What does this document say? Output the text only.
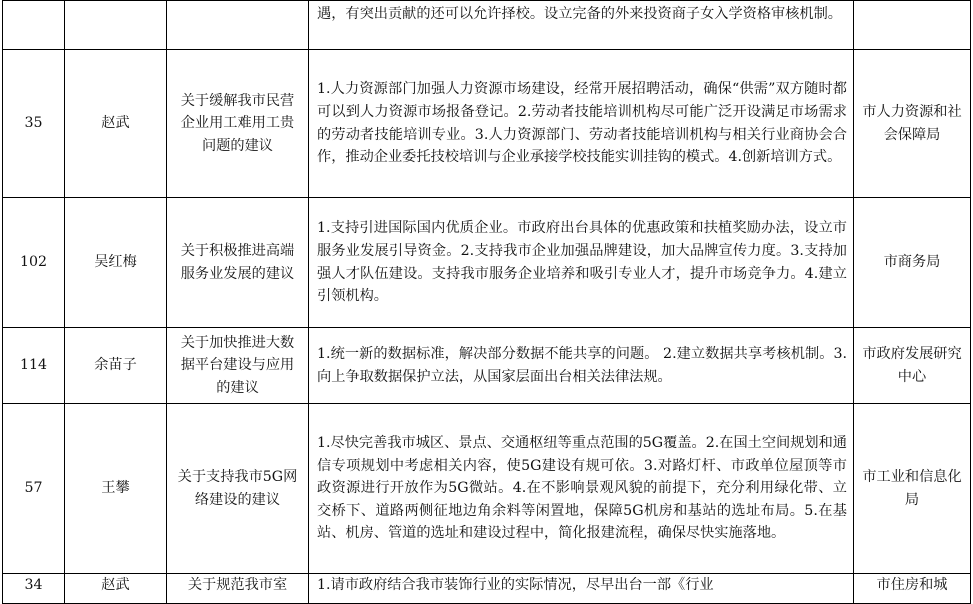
			遇，有突出贡献的还可以允许择校。设立完备的外来投资商子女入学资格审核机制。	
35	赵武	关于缓解我市民营企业用工难用工贵问题的建议	1.人力资源部门加强人力资源市场建设，经常开展招聘活动，确保“供需”双方随时都可以到人力资源市场报备登记。2.劳动者技能培训机构尽可能广泛开设满足市场需求的劳动者技能培训专业。3.人力资源部门、劳动者技能培训机构与相关行业商协会合作，推动企业委托技校培训与企业承接学校技能实训挂钩的模式。4.创新培训方式。	市人力资源和社会保障局
102	吴红梅	关于积极推进高端服务业发展的建议	1.支持引进国际国内优质企业。市政府出台具体的优惠政策和扶植奖励办法，设立市服务业发展引导资金。2.支持我市企业加强品牌建设，加大品牌宣传力度。3.支持加强人才队伍建设。支持我市服务企业培养和吸引专业人才，提升市场竞争力。4.建立引领机构。	市商务局
114	余苗子	关于加快推进大数据平台建设与应用的建议	1.统一新的数据标准，解决部分数据不能共享的问题。 2.建立数据共享考核机制。3.向上争取数据保护立法，从国家层面出台相关法律法规。	市政府发展研究中心
57	王攀	关于支持我市5G网络建设的建议	1.尽快完善我市城区、景点、交通枢纽等重点范围的5G覆盖。2.在国土空间规划和通信专项规划中考虑相关内容，使5G建设有规可依。3.对路灯杆、市政单位屋顶等市政资源进行开放作为5G微站。4.在不影响景观风貌的前提下，充分利用绿化带、立交桥下、道路两侧征地边角余料等闲置地，保障5G机房和基站的选址布局。5.在基站、机房、管道的选址和建设过程中，简化报建流程，确保尽快实施落地。	市工业和信息化局
34	赵武	关于规范我市室	1.请市政府结合我市装饰行业的实际情况，尽早出台一部《行业	市住房和城
